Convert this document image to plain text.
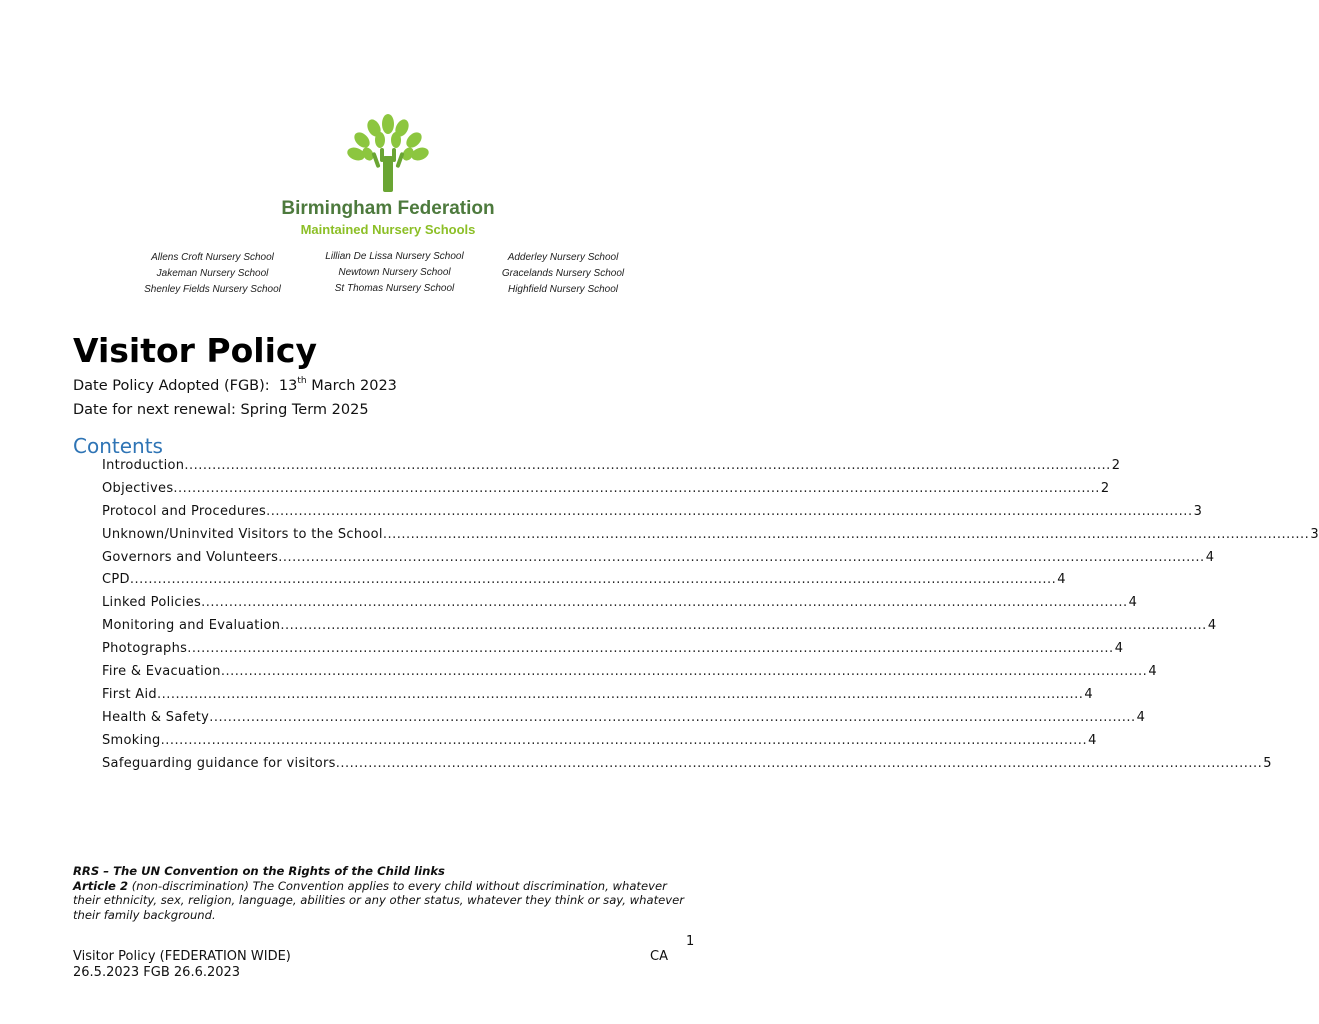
Birmingham Federation
Maintained Nursery Schools
Allens Croft Nursery School
Jakeman Nursery School
Shenley Fields Nursery School
Lillian De Lissa Nursery School
Newtown Nursery School
St Thomas Nursery School
Adderley Nursery School
Gracelands Nursery School
Highfield Nursery School
Visitor Policy
Date Policy Adopted (FGB): 13th March 2023
Date for next renewal: Spring Term 2025
Contents
Introduction ........................................................................................................................................................................................................ 2
Objectives ........................................................................................................................................................................................................ 2
Protocol and Procedures ........................................................................................................................................................................................................ 3
Unknown/Uninvited Visitors to the School ........................................................................................................................................................................................................ 3
Governors and Volunteers ........................................................................................................................................................................................................ 4
CPD ........................................................................................................................................................................................................ 4
Linked Policies ........................................................................................................................................................................................................ 4
Monitoring and Evaluation ........................................................................................................................................................................................................ 4
Photographs ........................................................................................................................................................................................................ 4
Fire & Evacuation ........................................................................................................................................................................................................ 4
First Aid ........................................................................................................................................................................................................ 4
Health & Safety ........................................................................................................................................................................................................ 4
Smoking ........................................................................................................................................................................................................ 4
Safeguarding guidance for visitors ........................................................................................................................................................................................................ 5
RRS – The UN Convention on the Rights of the Child links
Article 2 (non-discrimination) The Convention applies to every child without discrimination, whatever their ethnicity, sex, religion, language, abilities or any other status, whatever they think or say, whatever their family background.
1
Visitor Policy (FEDERATION WIDE)
26.5.2023 FGB 26.6.2023
CA
